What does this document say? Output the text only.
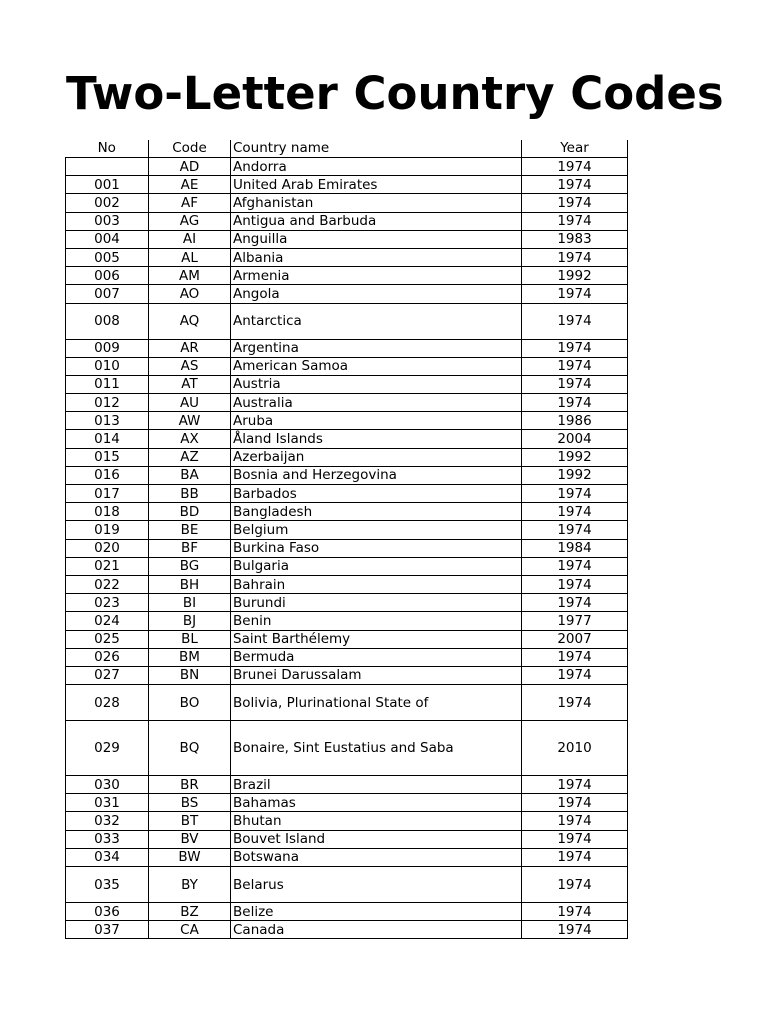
Two-Letter Country Codes
No	Code	Country name	Year
	AD	Andorra	1974
001	AE	United Arab Emirates	1974
002	AF	Afghanistan	1974
003	AG	Antigua and Barbuda	1974
004	AI	Anguilla	1983
005	AL	Albania	1974
006	AM	Armenia	1992
007	AO	Angola	1974
008	AQ	Antarctica	1974
009	AR	Argentina	1974
010	AS	American Samoa	1974
011	AT	Austria	1974
012	AU	Australia	1974
013	AW	Aruba	1986
014	AX	Åland Islands	2004
015	AZ	Azerbaijan	1992
016	BA	Bosnia and Herzegovina	1992
017	BB	Barbados	1974
018	BD	Bangladesh	1974
019	BE	Belgium	1974
020	BF	Burkina Faso	1984
021	BG	Bulgaria	1974
022	BH	Bahrain	1974
023	BI	Burundi	1974
024	BJ	Benin	1977
025	BL	Saint Barthélemy	2007
026	BM	Bermuda	1974
027	BN	Brunei Darussalam	1974
028	BO	Bolivia, Plurinational State of	1974
029	BQ	Bonaire, Sint Eustatius and Saba	2010
030	BR	Brazil	1974
031	BS	Bahamas	1974
032	BT	Bhutan	1974
033	BV	Bouvet Island	1974
034	BW	Botswana	1974
035	BY	Belarus	1974
036	BZ	Belize	1974
037	CA	Canada	1974
